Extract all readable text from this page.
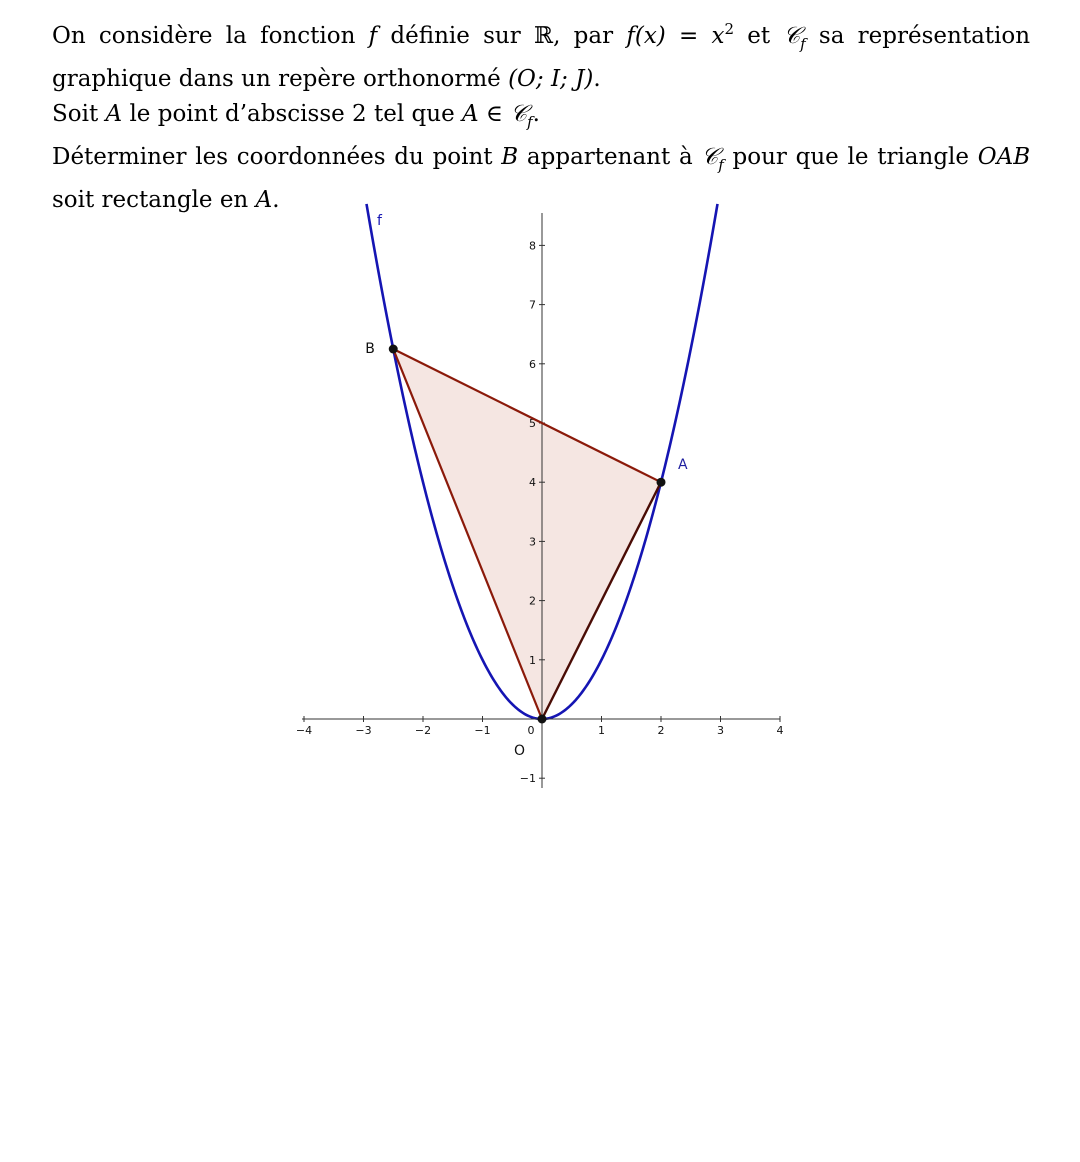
On considère la fonction f définie sur ℝ, par $f(x) = x^2$ et 𝒞$_f$ sa représentation
graphique dans un repère orthonormé (O; I; J).
Soit A le point d’abscisse 2 tel que A ∈ 𝒞$_f$.
Déterminer les coordonnées du point B appartenant à 𝒞$_f$ pour que le triangle OAB
soit rectangle en A.
−4	−3	−2	−1	0	1	2	3	4
−1
1
2
3
4
5
6
7
8
f
A
B
O
